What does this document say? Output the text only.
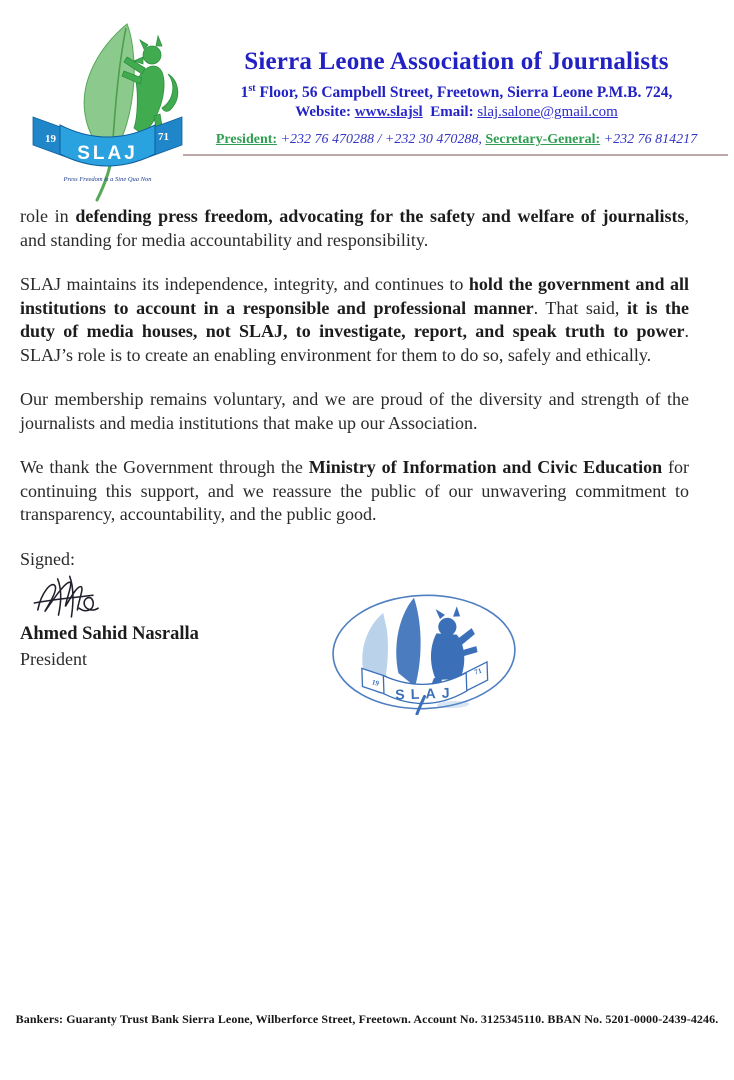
19	71
SLAJ
Press Freedom is a Sine Qua Non
Sierra Leone Association of Journalists
1st Floor, 56 Campbell Street, Freetown, Sierra Leone P.M.B. 724,
Website: www.slajsl Email: slaj.salone@gmail.com
President: +232 76 470288 / +232 30 470288, Secretary-General: +232 76 814217

role in defending press freedom, advocating for the safety and welfare of journalists, and standing for media accountability and responsibility.

SLAJ maintains its independence, integrity, and continues to hold the government and all institutions to account in a responsible and professional manner. That said, it is the duty of media houses, not SLAJ, to investigate, report, and speak truth to power. SLAJ’s role is to create an enabling environment for them to do so, safely and ethically.

Our membership remains voluntary, and we are proud of the diversity and strength of the journalists and media institutions that make up our Association.

We thank the Government through the Ministry of Information and Civic Education for continuing this support, and we reassure the public of our unwavering commitment to transparency, accountability, and the public good.

Signed:
Ahmed Sahid Nasralla
President
19
71
SLAJ
Bankers: Guaranty Trust Bank Sierra Leone, Wilberforce Street, Freetown. Account No. 3125345110. BBAN No. 5201-0000-2439-4246.
